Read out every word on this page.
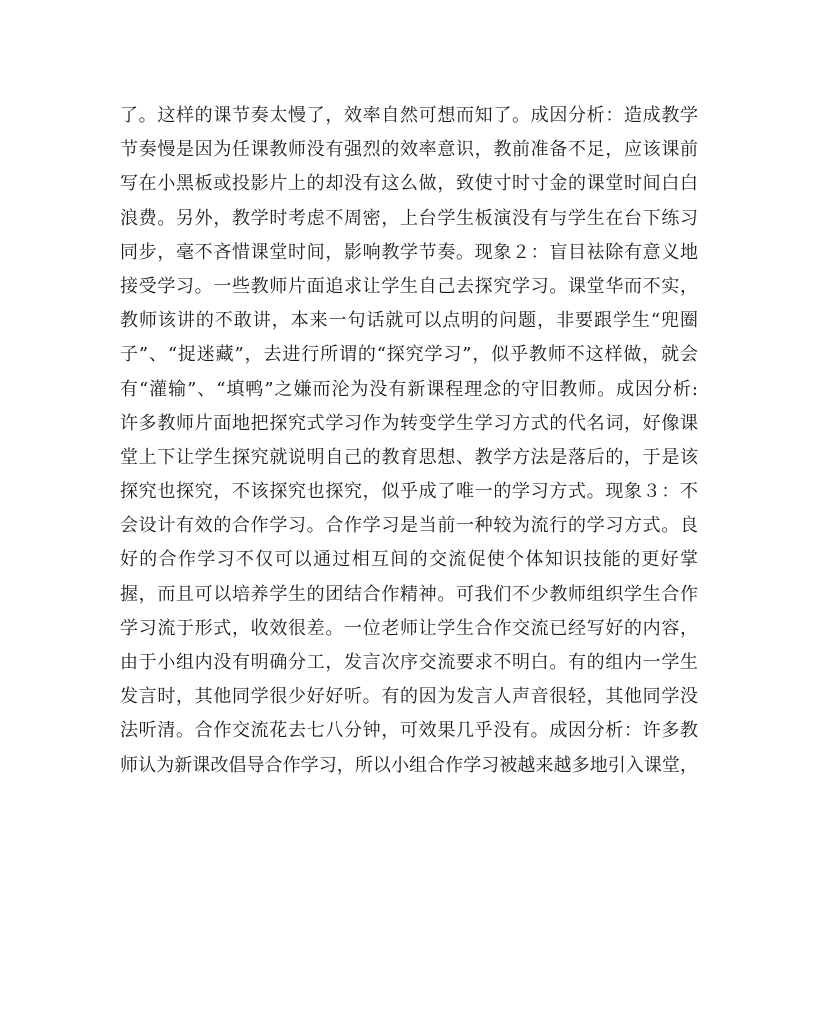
了。这样的课节奏太慢了，效率自然可想而知了。成因分析：造成教学
节奏慢是因为任课教师没有强烈的效率意识，教前准备不足，应该课前
写在小黑板或投影片上的却没有这么做，致使寸时寸金的课堂时间白白
浪费。另外，教学时考虑不周密，上台学生板演没有与学生在台下练习
同步，毫不吝惜课堂时间，影响教学节奏。现象２：盲目袪除有意义地
接受学习。一些教师片面追求让学生自己去探究学习。课堂华而不实，
教师该讲的不敢讲，本来一句话就可以点明的问题，非要跟学生“兜圈
子”、“捉迷藏”，去进行所谓的“探究学习”，似乎教师不这样做，就会
有“灌输”、“填鸭”之嫌而沦为没有新课程理念的守旧教师。成因分析:
许多教师片面地把探究式学习作为转变学生学习方式的代名词，好像课
堂上下让学生探究就说明自己的教育思想、教学方法是落后的，于是该
探究也探究，不该探究也探究，似乎成了唯一的学习方式。现象３：不
会设计有效的合作学习。合作学习是当前一种较为流行的学习方式。良
好的合作学习不仅可以通过相互间的交流促使个体知识技能的更好掌
握，而且可以培养学生的团结合作精神。可我们不少教师组织学生合作
学习流于形式，收效很差。一位老师让学生合作交流已经写好的内容，
由于小组内没有明确分工，发言次序交流要求不明白。有的组内一学生
发言时，其他同学很少好好听。有的因为发言人声音很轻，其他同学没
法听清。合作交流花去七八分钟，可效果几乎没有。成因分析：许多教
师认为新课改倡导合作学习，所以小组合作学习被越来越多地引入课堂，
